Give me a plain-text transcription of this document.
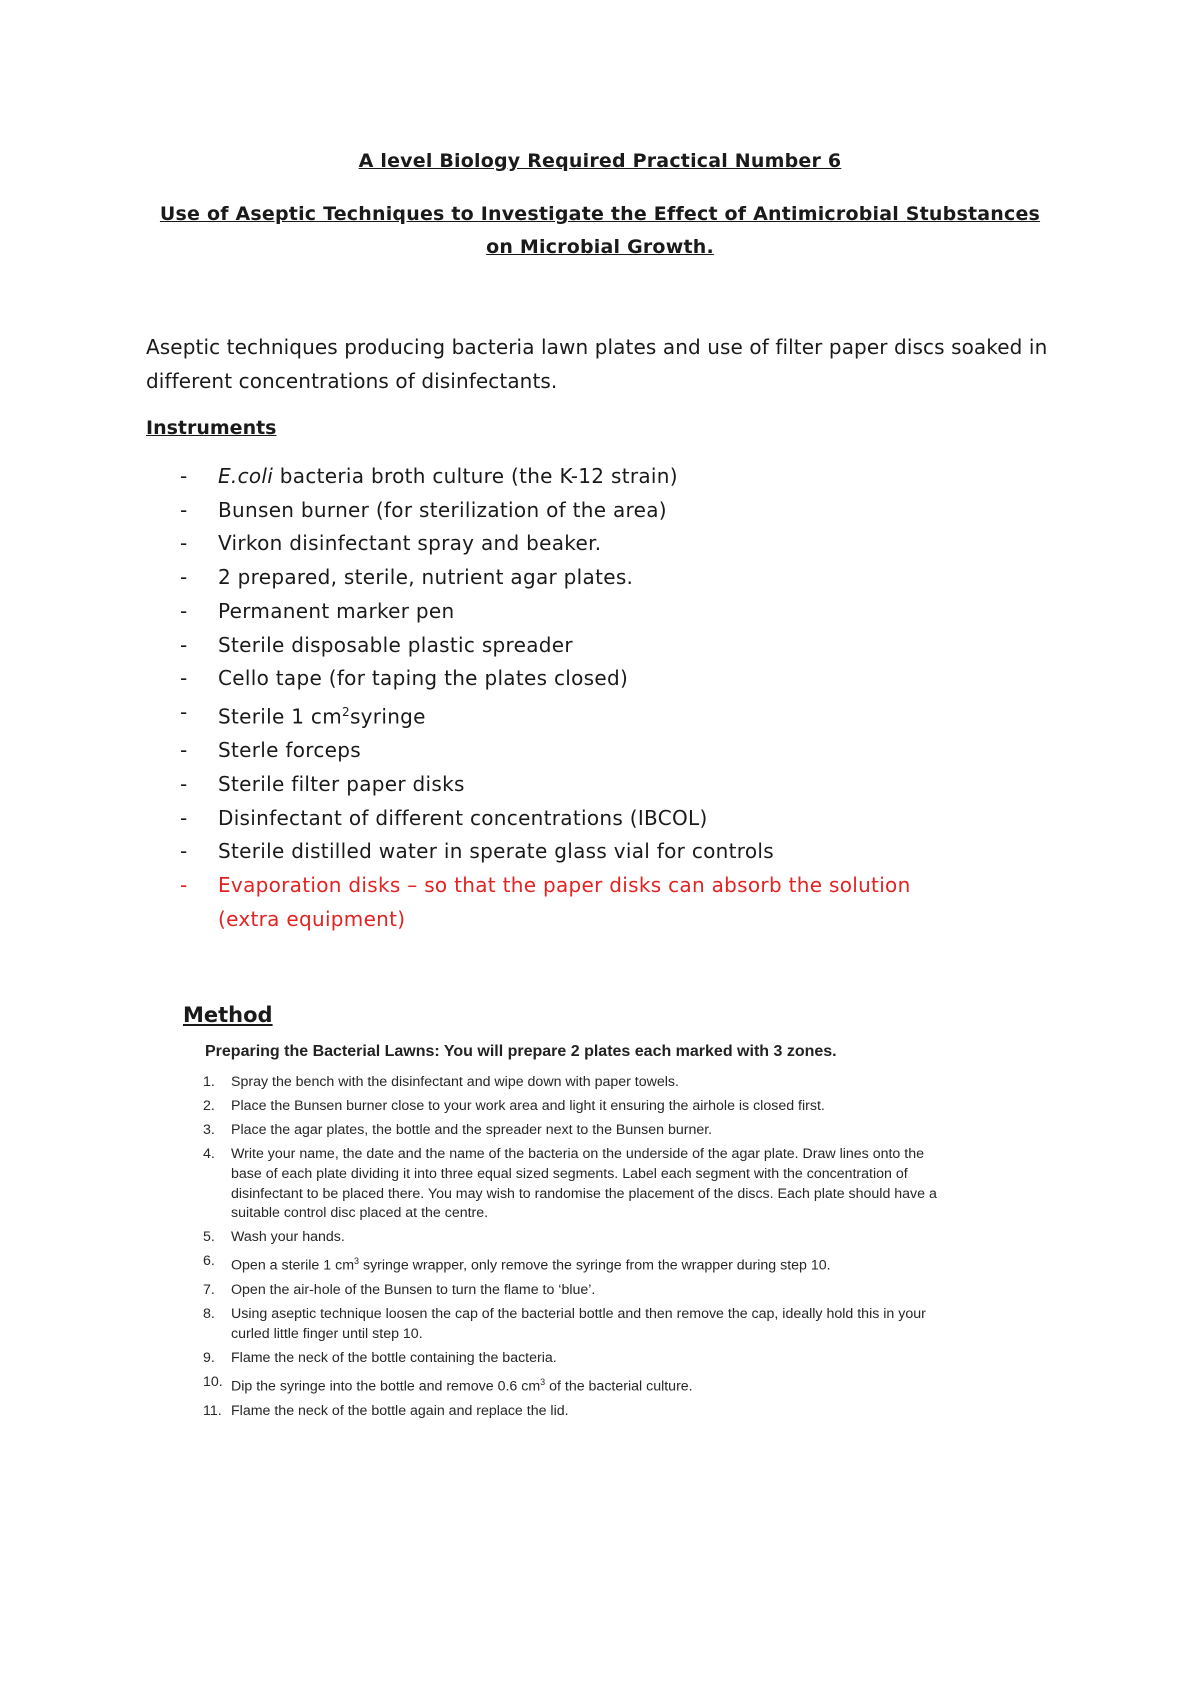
A level Biology Required Practical Number 6
Use of Aseptic Techniques to Investigate the Effect of Antimicrobial Stubstances
on Microbial Growth.
Aseptic techniques producing bacteria lawn plates and use of filter paper discs soaked in different concentrations of disinfectants.
Instruments
- E.coli bacteria broth culture (the K-12 strain)
- Bunsen burner (for sterilization of the area)
- Virkon disinfectant spray and beaker.
- 2 prepared, sterile, nutrient agar plates.
- Permanent marker pen
- Sterile disposable plastic spreader
- Cello tape (for taping the plates closed)
- Sterile 1 $cm^2syringe$
- Sterle forceps
- Sterile filter paper disks
- Disinfectant of different concentrations (IBCOL)
- Sterile distilled water in sperate glass vial for controls
- Evaporation disks – so that the paper disks can absorb the solution
(extra equipment)
Method
Preparing the Bacterial Lawns: You will prepare 2 plates each marked with 3 zones.
1. Spray the bench with the disinfectant and wipe down with paper towels.
2. Place the Bunsen burner close to your work area and light it ensuring the airhole is closed first.
3. Place the agar plates, the bottle and the spreader next to the Bunsen burner.
4. Write your name, the date and the name of the bacteria on the underside of the agar plate. Draw lines onto the base of each plate dividing it into three equal sized segments. Label each segment with the concentration of disinfectant to be placed there. You may wish to randomise the placement of the discs. Each plate should have a suitable control disc placed at the centre.
5. Wash your hands.
6. Open a sterile 1 $cm^3$ syringe wrapper, only remove the syringe from the wrapper during step 10.
7. Open the air-hole of the Bunsen to turn the flame to ‘blue’.
8. Using aseptic technique loosen the cap of the bacterial bottle and then remove the cap, ideally hold this in your curled little finger until step 10.
9. Flame the neck of the bottle containing the bacteria.
10. Dip the syringe into the bottle and remove 0.6 $cm^3$ of the bacterial culture.
11. Flame the neck of the bottle again and replace the lid.
